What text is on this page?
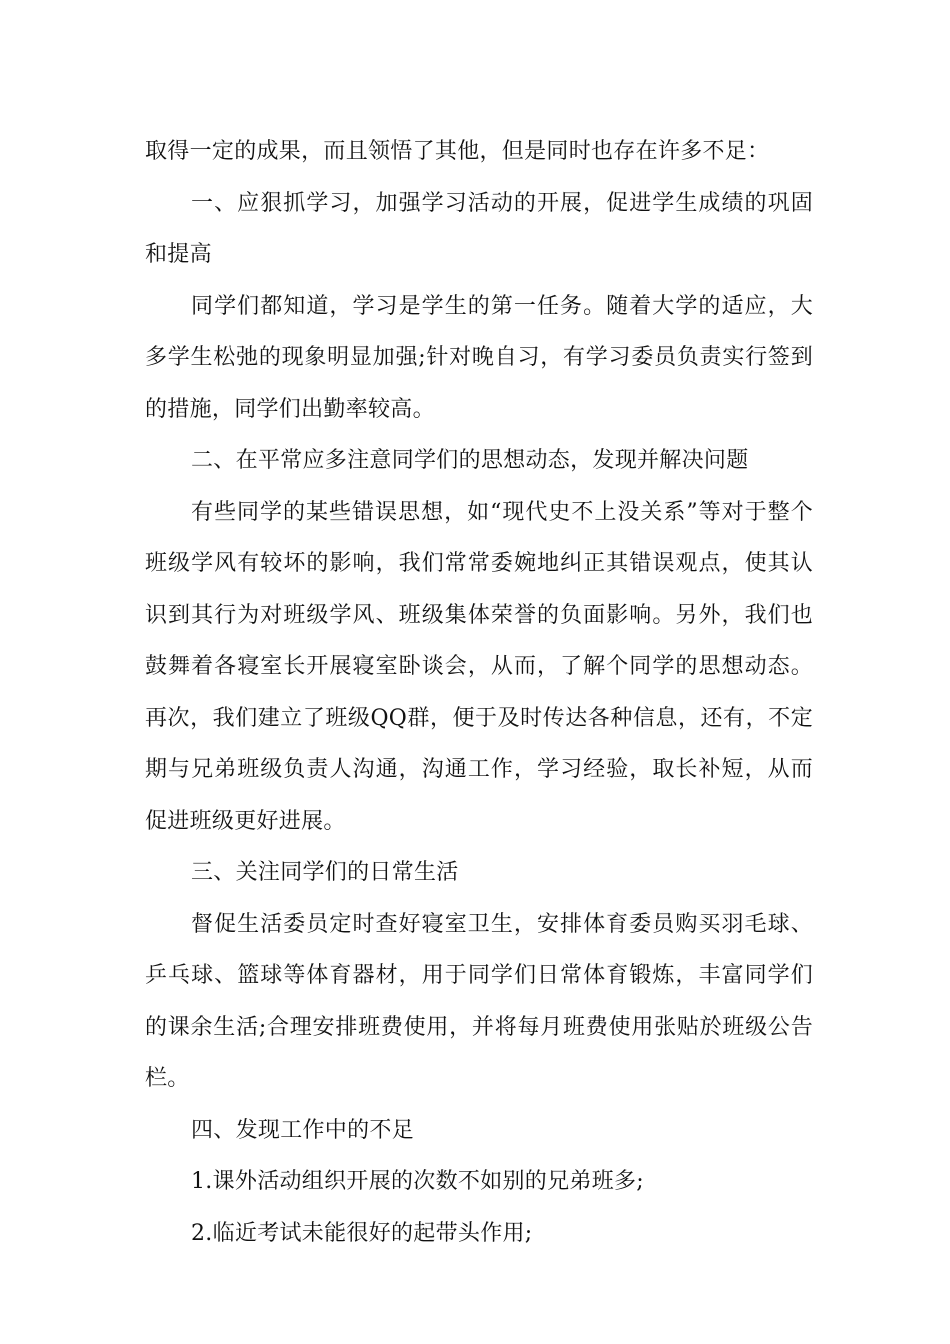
取得一定的成果，而且领悟了其他，但是同时也存在许多不足：

一、应狠抓学习，加强学习活动的开展，促进学生成绩的巩固和提高

同学们都知道，学习是学生的第一任务。随着大学的适应，大多学生松弛的现象明显加强;针对晚自习，有学习委员负责实行签到的措施，同学们出勤率较高。

二、在平常应多注意同学们的思想动态，发现并解决问题

有些同学的某些错误思想，如“现代史不上没关系”等对于整个班级学风有较坏的影响，我们常常委婉地纠正其错误观点，使其认识到其行为对班级学风、班级集体荣誉的负面影响。另外，我们也鼓舞着各寝室长开展寝室卧谈会，从而，了解个同学的思想动态。再次，我们建立了班级QQ群，便于及时传达各种信息，还有，不定期与兄弟班级负责人沟通，沟通工作，学习经验，取长补短，从而促进班级更好进展。

三、关注同学们的日常生活

督促生活委员定时查好寝室卫生，安排体育委员购买羽毛球、乒乓球、篮球等体育器材，用于同学们日常体育锻炼，丰富同学们的课余生活;合理安排班费使用，并将每月班费使用张贴於班级公告栏。

四、发现工作中的不足

1.课外活动组织开展的次数不如别的兄弟班多;

2.临近考试未能很好的起带头作用;
